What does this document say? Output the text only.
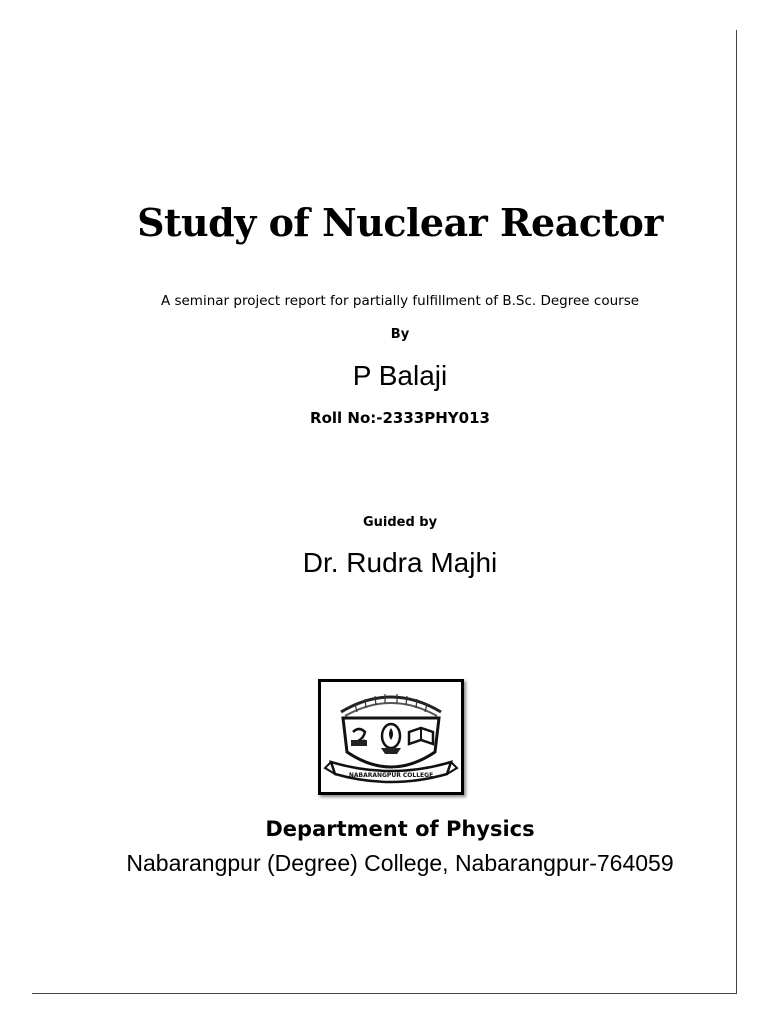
Study of Nuclear Reactor
A seminar project report for partially fulfillment of B.Sc. Degree course
By
P Balaji
Roll No:-2333PHY013
Guided by
Dr. Rudra Majhi
NABARANGPUR COLLEGE
Department of Physics
Nabarangpur (Degree) College, Nabarangpur-764059
